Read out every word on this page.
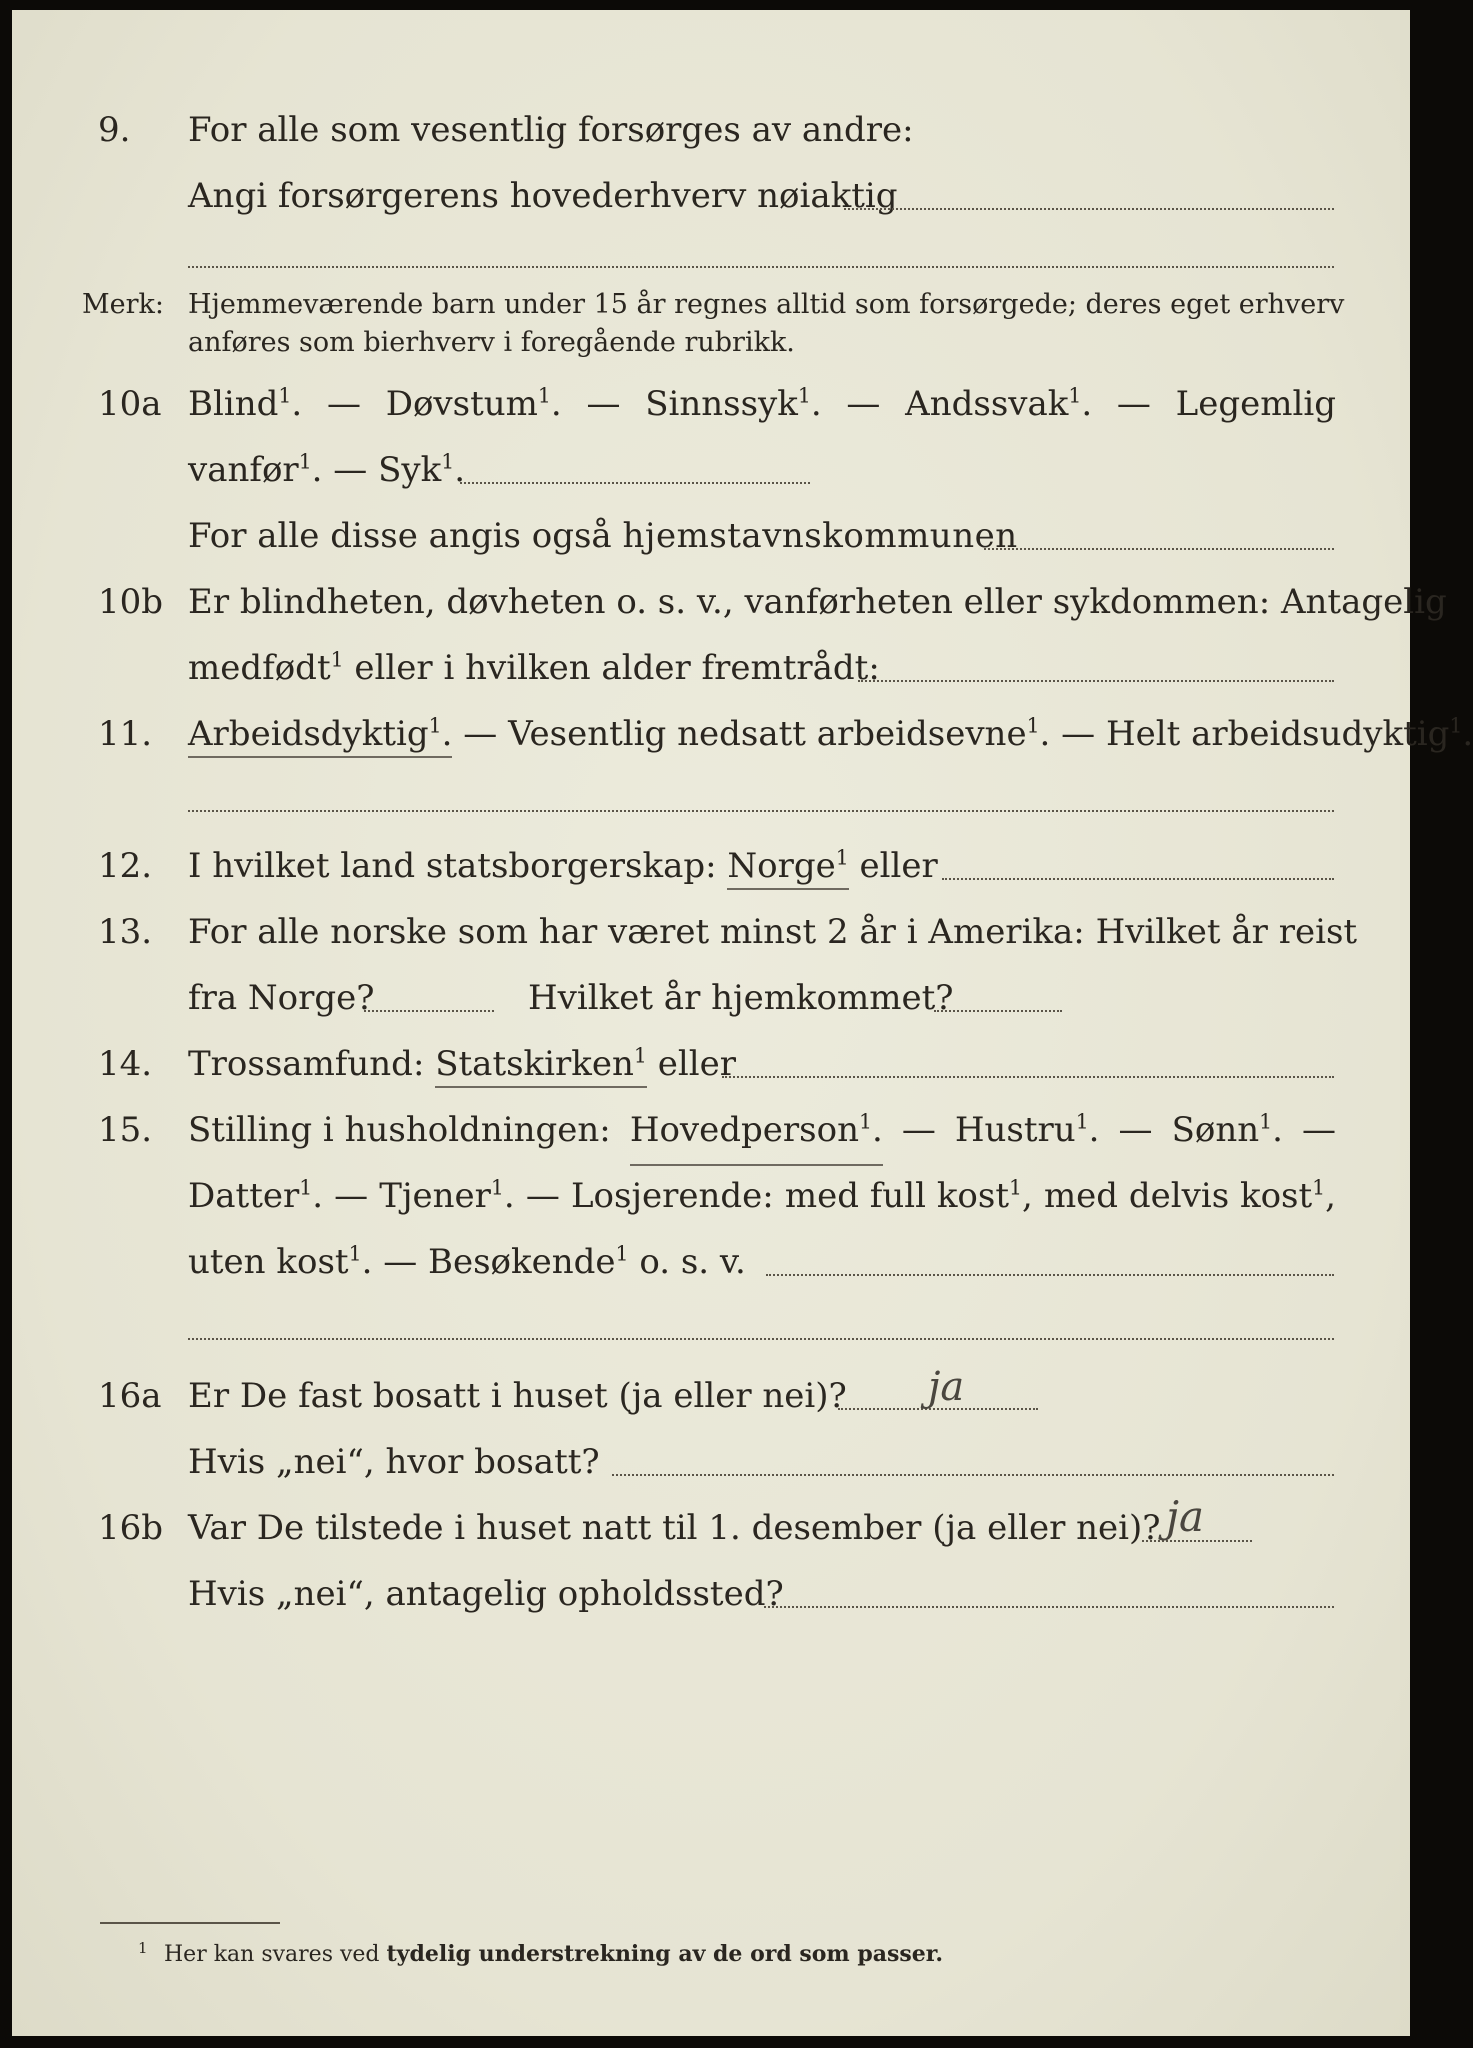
9. For alle som vesentlig forsørges av andre:
Angi forsørgerens hovederhverv nøiaktig
Merk: Hjemmeværende barn under 15 år regnes alltid som forsørgede; deres eget erhverv
anføres som bierhverv i foregående rubrikk.
10a Blind$^1$. — Døvstum$^1$. — Sinnssyk$^1$. — Andssvak$^1$. — Legemlig
vanfør$^1$. — Syk$^1$.
For alle disse angis også hjemstavnskommunen
10b Er blindheten, døvheten o. s. v., vanførheten eller sykdommen: Antagelig
medfødt$^1$ eller i hvilken alder fremtrådt:
11. Arbeidsdyktig$^1$. — Vesentlig nedsatt arbeidsevne$^1$. — Helt arbeidsudyktig$^1$.
12. I hvilket land statsborgerskap: Norge$^1$ eller
13. For alle norske som har været minst 2 år i Amerika: Hvilket år reist
fra Norge?	Hvilket år hjemkommet?
14. Trossamfund: Statskirken$^1$ eller
15. Stilling i husholdningen: Hovedperson$^1$. — Hustru$^1$. — Sønn$^1$. —
Datter$^1$. — Tjener$^1$. — Losjerende: med full kost$^1$, med delvis kost$^1$,
uten kost$^1$. — Besøkende$^1$ o. s. v.
16a Er De fast bosatt i huset (ja eller nei)? ja
Hvis „nei“, hvor bosatt?
16b Var De tilstede i huset natt til 1. desember (ja eller nei)? ja
Hvis „nei“, antagelig opholdssted?
1 Her kan svares ved tydelig understrekning av de ord som passer.
